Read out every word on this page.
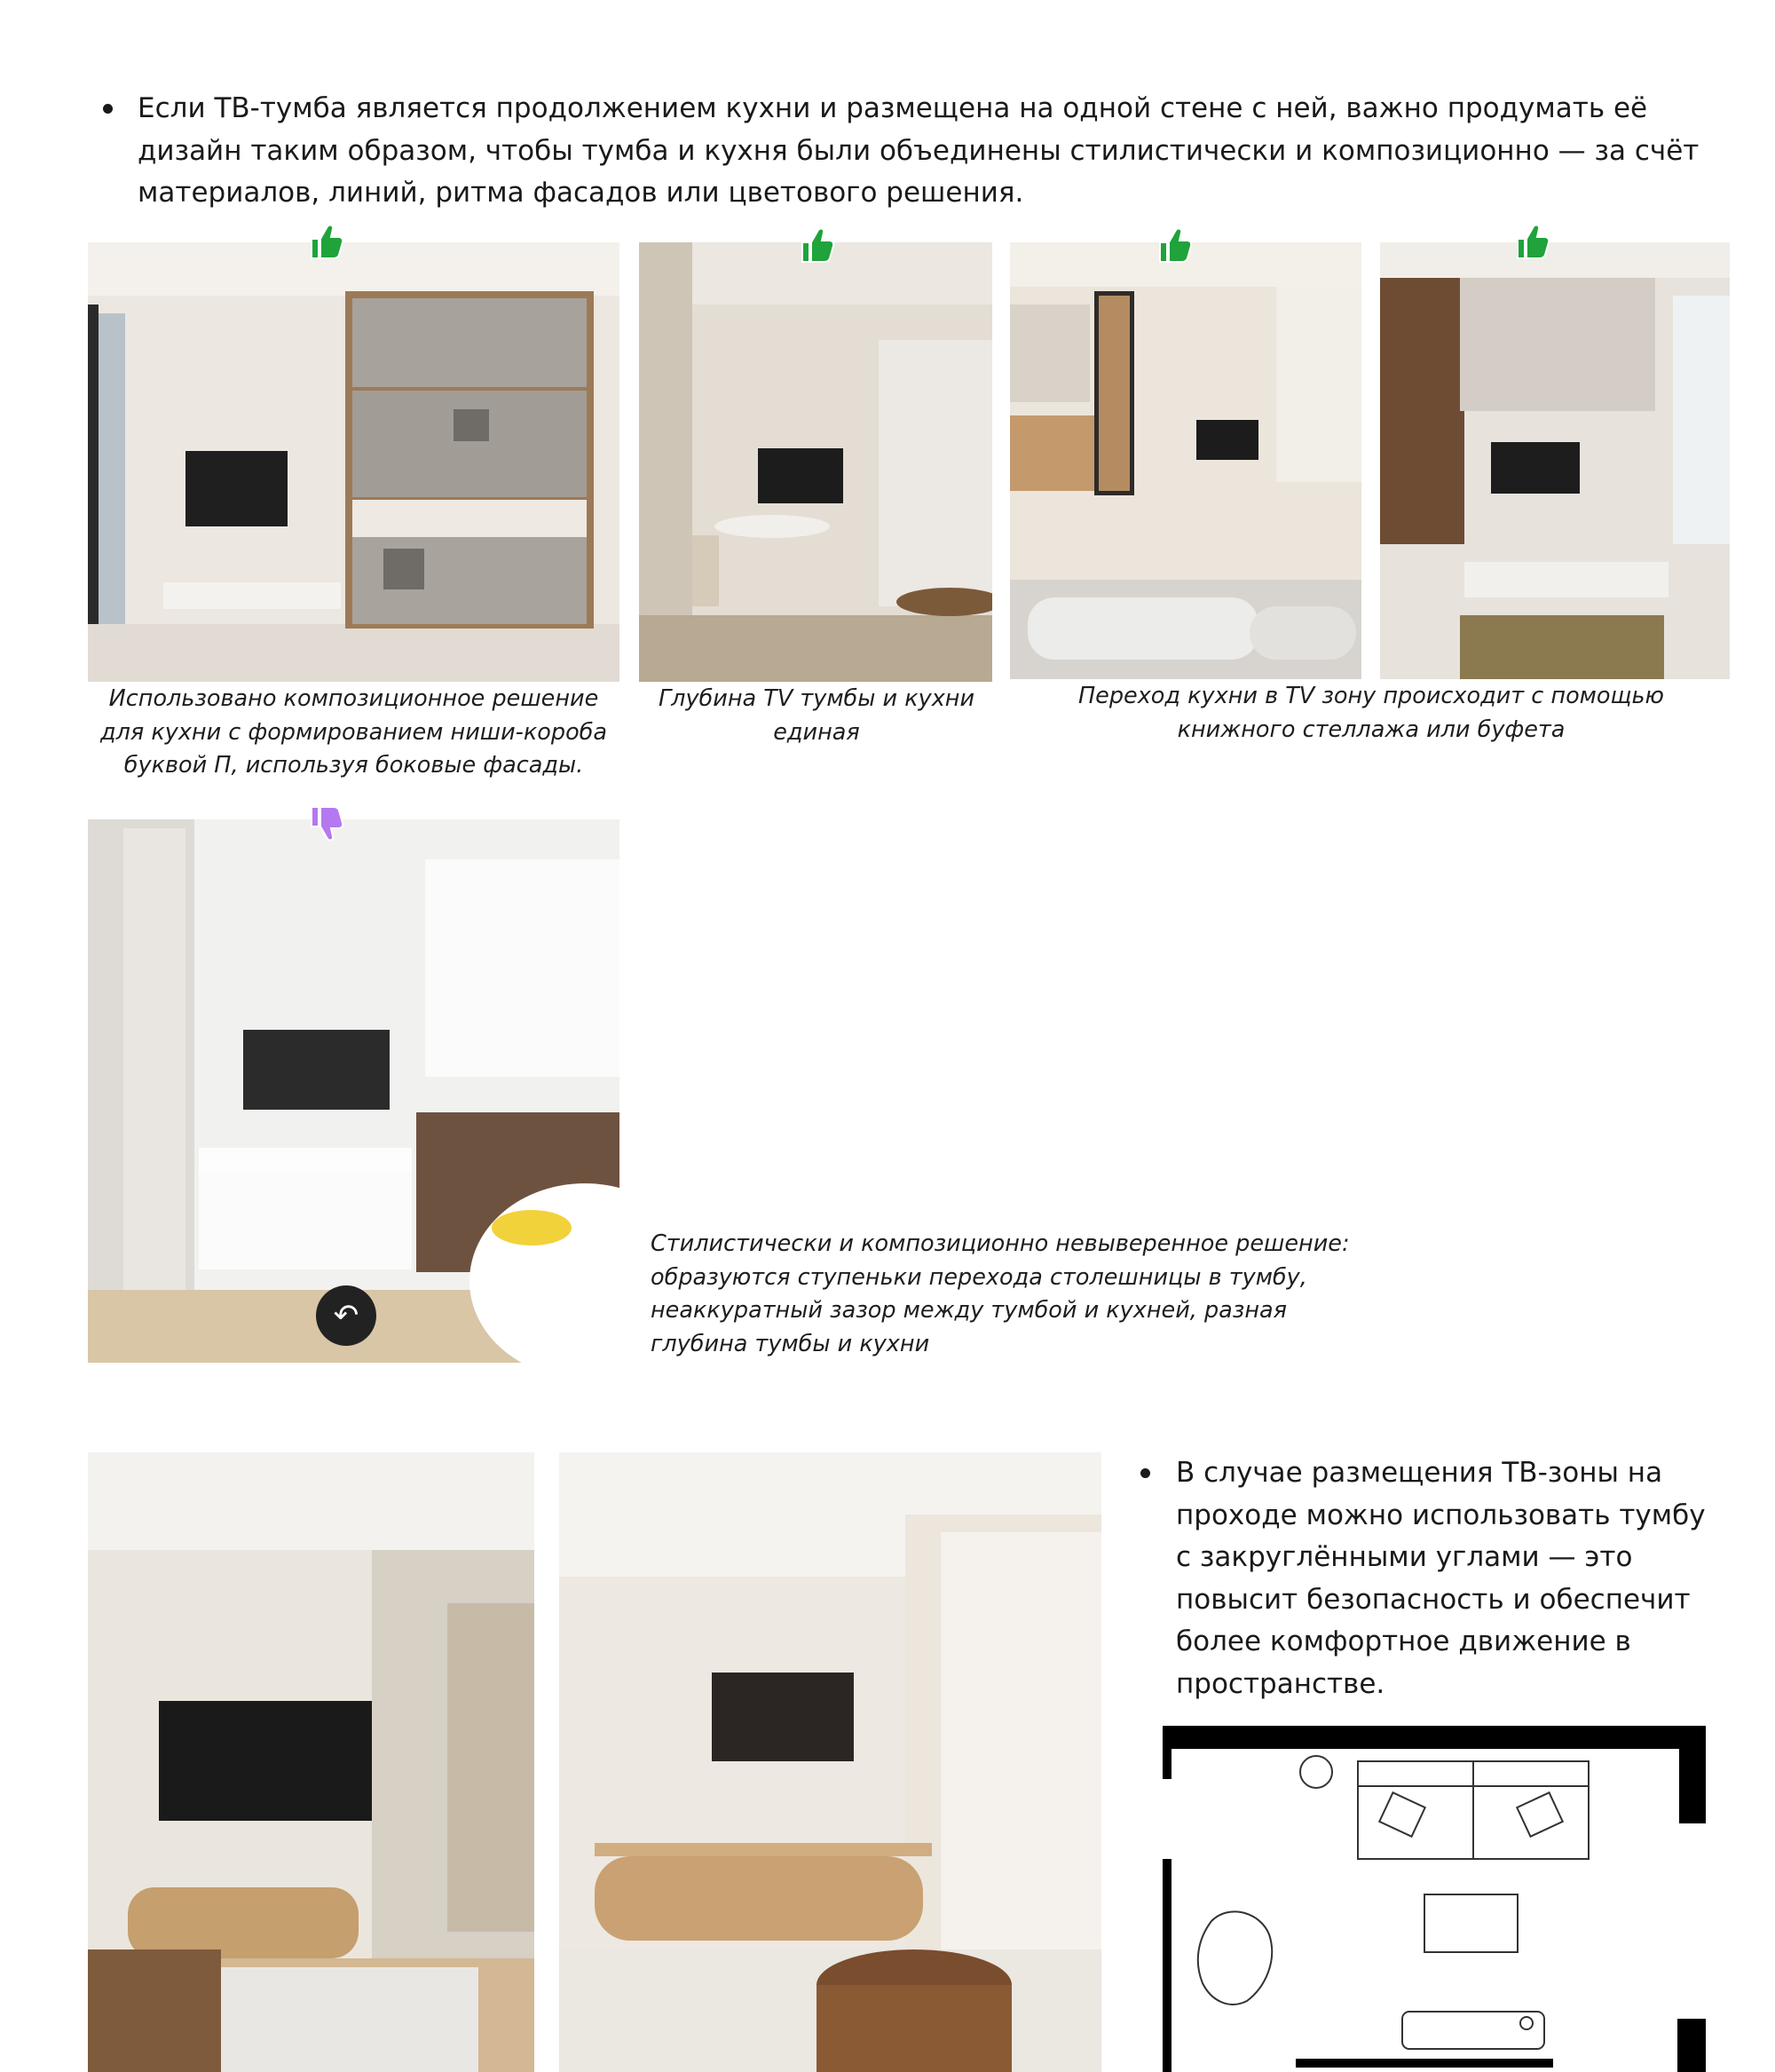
Если ТВ-тумба является продолжением кухни и размещена на одной стене с ней, важно продумать её дизайн таким образом, чтобы тумба и кухня были объединены стилистически и композиционно — за счёт материалов, линий, ритма фасадов или цветового решения.
Использовано композиционное решение для кухни с формированием ниши-короба буквой П, используя боковые фасады.
Глубина TV тумбы и кухни единая
Переход кухни в TV зону происходит с помощью книжного стеллажа или буфета
↶
Стилистически и композиционно невыверенное решение: образуются ступеньки перехода столешницы в тумбу, неаккуратный зазор между тумбой и кухней, разная глубина тумбы и кухни
В случае размещения ТВ-зоны на проходе можно использовать тумбу с закруглёнными углами — это повысит безопасность и обеспечит более комфортное движение в пространстве.
